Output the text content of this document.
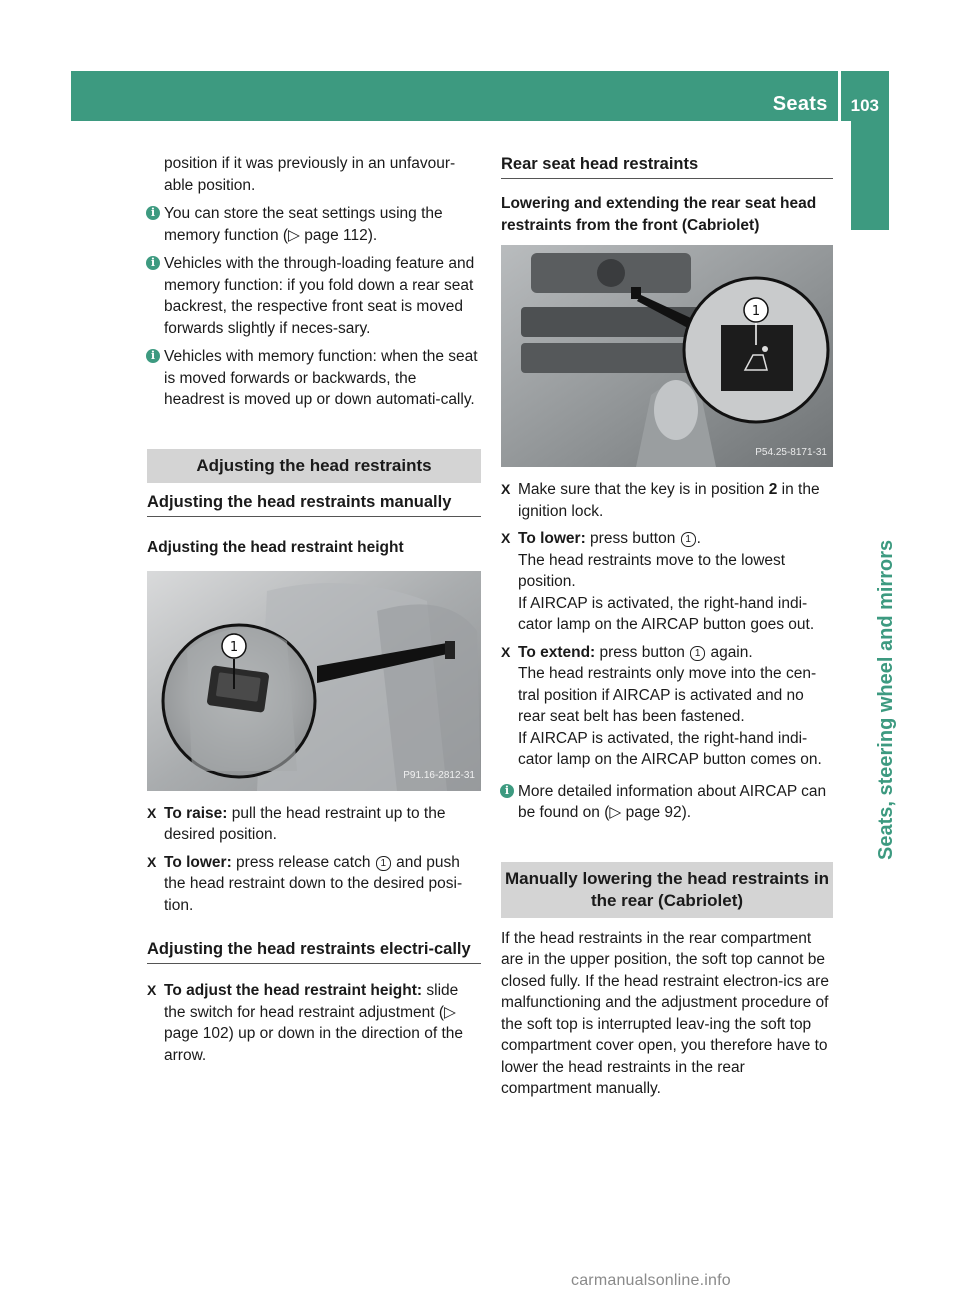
Seats	103
Seats, steering wheel and mirrors

position if it was previously in an unfavour-able position.

i You can store the seat settings using the memory function (▷ page 112).
i Vehicles with the through-loading feature and memory function: if you fold down a rear seat backrest, the respective front seat is moved forwards slightly if neces-sary.
i Vehicles with memory function: when the seat is moved forwards or backwards, the headrest is moved up or down automati-cally.
Adjusting the head restraints
Adjusting the head restraints manually
Adjusting the head restraint height
1
P91.16-2812-31
X To raise: pull the head restraint up to the desired position.
X To lower: press release catch 1 and push the head restraint down to the desired posi-tion.
Adjusting the head restraints electri-cally
X To adjust the head restraint height: slide the switch for head restraint adjustment (▷ page 102) up or down in the direction of the arrow.
Rear seat head restraints
Lowering and extending the rear seat head restraints from the front (Cabriolet)
1
P54.25-8171-31
X Make sure that the key is in position 2 in the ignition lock.
X To lower: press button 1 .

The head restraints move to the lowest position.

If AIRCAP is activated, the right-hand indi-cator lamp on the AIRCAP button goes out.

X To extend: press button 1 again.

The head restraints only move into the cen-tral position if AIRCAP is activated and no rear seat belt has been fastened.

If AIRCAP is activated, the right-hand indi-cator lamp on the AIRCAP button comes on.

i More detailed information about AIRCAP can be found on (▷ page 92).
Manually lowering the head restraints in the rear (Cabriolet)

If the head restraints in the rear compartment are in the upper position, the soft top cannot be closed fully. If the head restraint electron-ics are malfunctioning and the adjustment procedure of the soft top is interrupted leav-ing the soft top compartment cover open, you therefore have to lower the head restraints in the rear compartment manually.

carmanualsonline.info
